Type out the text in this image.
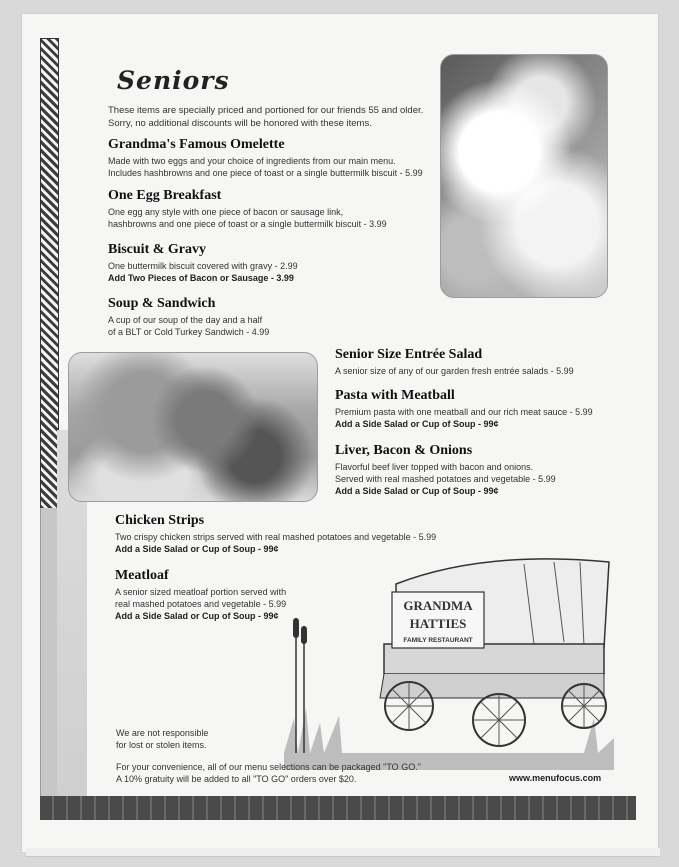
Seniors
These items are specially priced and portioned for our friends 55 and older.
Sorry, no additional discounts will be honored with these items.
Grandma's Famous Omelette

Made with two eggs and your choice of ingredients from our main menu.

Includes hashbrowns and one piece of toast or a single buttermilk biscuit - 5.99

One Egg Breakfast

One egg any style with one piece of bacon or sausage link,

hashbrowns and one piece of toast or a single buttermilk biscuit - 3.99

Biscuit & Gravy

One buttermilk biscuit covered with gravy - 2.99

Add Two Pieces of Bacon or Sausage - 3.99

Soup & Sandwich

A cup of our soup of the day and a half

of a BLT or Cold Turkey Sandwich - 4.99

Senior Size Entrée Salad

A senior size of any of our garden fresh entrée salads - 5.99

Pasta with Meatball

Premium pasta with one meatball and our rich meat sauce - 5.99

Add a Side Salad or Cup of Soup - 99¢

Liver, Bacon & Onions

Flavorful beef liver topped with bacon and onions.

Served with real mashed potatoes and vegetable - 5.99

Add a Side Salad or Cup of Soup - 99¢

Chicken Strips

Two crispy chicken strips served with real mashed potatoes and vegetable - 5.99

Add a Side Salad or Cup of Soup - 99¢

Meatloaf

A senior sized meatloaf portion served with

real mashed potatoes and vegetable - 5.99

Add a Side Salad or Cup of Soup - 99¢

GRANDMA
HATTIES
FAMILY RESTAURANT
We are not responsible
for lost or stolen items.
For your convenience, all of our menu selections can be packaged "TO GO."
A 10% gratuity will be added to all "TO GO" orders over $20.	www.menufocus.com
